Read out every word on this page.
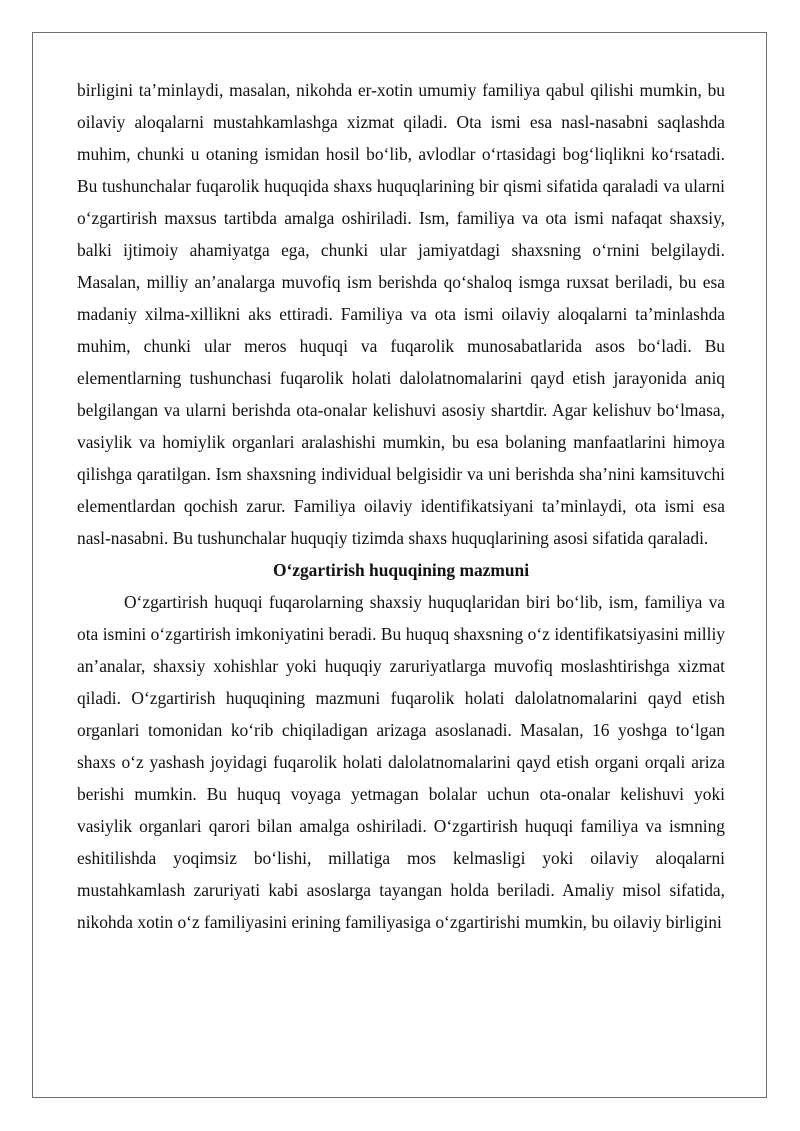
birligini ta’minlaydi, masalan, nikohda er-xotin umumiy familiya qabul qilishi mumkin, bu oilaviy aloqalarni mustahkamlashga xizmat qiladi. Ota ismi esa nasl-nasabni saqlashda muhim, chunki u otaning ismidan hosil bo‘lib, avlodlar o‘rtasidagi bog‘liqlikni ko‘rsatadi. Bu tushunchalar fuqarolik huquqida shaxs huquqlarining bir qismi sifatida qaraladi va ularni o‘zgartirish maxsus tartibda amalga oshiriladi. Ism, familiya va ota ismi nafaqat shaxsiy, balki ijtimoiy ahamiyatga ega, chunki ular jamiyatdagi shaxsning o‘rnini belgilaydi. Masalan, milliy an’analarga muvofiq ism berishda qo‘shaloq ismga ruxsat beriladi, bu esa madaniy xilma-xillikni aks ettiradi. Familiya va ota ismi oilaviy aloqalarni ta’minlashda muhim, chunki ular meros huquqi va fuqarolik munosabatlarida asos bo‘ladi. Bu elementlarning tushunchasi fuqarolik holati dalolatnomalarini qayd etish jarayonida aniq belgilangan va ularni berishda ota-onalar kelishuvi asosiy shartdir. Agar kelishuv bo‘lmasa, vasiylik va homiylik organlari aralashishi mumkin, bu esa bolaning manfaatlarini himoya qilishga qaratilgan. Ism shaxsning individual belgisidir va uni berishda sha’nini kamsituvchi elementlardan qochish zarur. Familiya oilaviy identifikatsiyani ta’minlaydi, ota ismi esa nasl-nasabni. Bu tushunchalar huquqiy tizimda shaxs huquqlarining asosi sifatida qaraladi.

O‘zgartirish huquqining mazmuni

O‘zgartirish huquqi fuqarolarning shaxsiy huquqlaridan biri bo‘lib, ism, familiya va ota ismini o‘zgartirish imkoniyatini beradi. Bu huquq shaxsning o‘z identifikatsiyasini milliy an’analar, shaxsiy xohishlar yoki huquqiy zaruriyatlarga muvofiq moslashtirishga xizmat qiladi. O‘zgartirish huquqining mazmuni fuqarolik holati dalolatnomalarini qayd etish organlari tomonidan ko‘rib chiqiladigan arizaga asoslanadi. Masalan, 16 yoshga to‘lgan shaxs o‘z yashash joyidagi fuqarolik holati dalolatnomalarini qayd etish organi orqali ariza berishi mumkin. Bu huquq voyaga yetmagan bolalar uchun ota-onalar kelishuvi yoki vasiylik organlari qarori bilan amalga oshiriladi. O‘zgartirish huquqi familiya va ismning eshitilishda yoqimsiz bo‘lishi, millatiga mos kelmasligi yoki oilaviy aloqalarni mustahkamlash zaruriyati kabi asoslarga tayangan holda beriladi. Amaliy misol sifatida, nikohda xotin o‘z familiyasini erining familiyasiga o‘zgartirishi mumkin, bu oilaviy birligini
